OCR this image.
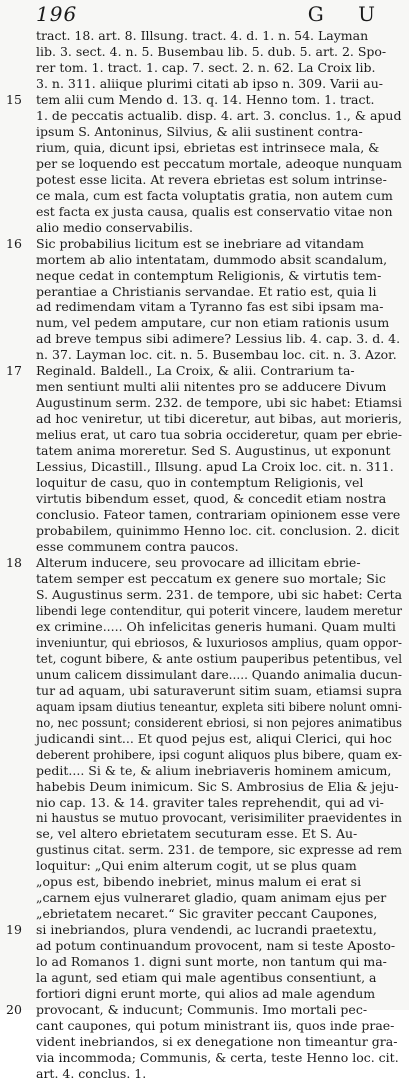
196	G U
tract. 18. art. 8. Illsung. tract. 4. d. 1. n. 54. Layman
lib. 3. sect. 4. n. 5. Busembau lib. 5. dub. 5. art. 2. Spo-
rer tom. 1. tract. 1. cap. 7. sect. 2. n. 62. La Croix lib.
3. n. 311. aliique plurimi citati ab ipso n. 309. Varii au-
15	tem alii cum Mendo d. 13. q. 14. Henno tom. 1. tract.
1. de peccatis actualib. disp. 4. art. 3. conclus. 1., & apud
ipsum S. Antoninus, Silvius, & alii sustinent contra-
rium, quia, dicunt ipsi, ebrietas est intrinsece mala, &
per se loquendo est peccatum mortale, adeoque nunquam
potest esse licita. At revera ebrietas est solum intrinse-
ce mala, cum est facta voluptatis gratia, non autem cum
est facta ex justa causa, qualis est conservatio vitae non
alio medio conservabilis.
16	Sic probabilius licitum est se inebriare ad vitandam
mortem ab alio intentatam, dummodo absit scandalum,
neque cedat in contemptum Religionis, & virtutis tem-
perantiae a Christianis servandae. Et ratio est, quia li
ad redimendam vitam a Tyranno fas est sibi ipsam ma-
num, vel pedem amputare, cur non etiam rationis usum
ad breve tempus sibi adimere? Lessius lib. 4. cap. 3. d. 4.
n. 37. Layman loc. cit. n. 5. Busembau loc. cit. n. 3. Azor.
17	Reginald. Baldell., La Croix, & alii. Contrarium ta-
men sentiunt multi alii nitentes pro se adducere Divum
Augustinum serm. 232. de tempore, ubi sic habet: Etiamsi
ad hoc veniretur, ut tibi diceretur, aut bibas, aut morieris,
melius erat, ut caro tua sobria occideretur, quam per ebrie-
tatem anima moreretur. Sed S. Augustinus, ut exponunt
Lessius, Dicastill., Illsung. apud La Croix loc. cit. n. 311.
loquitur de casu, quo in contemptum Religionis, vel
virtutis bibendum esset, quod, & concedit etiam nostra
conclusio. Fateor tamen, contrariam opinionem esse vere
probabilem, quinimmo Henno loc. cit. conclusion. 2. dicit
esse communem contra paucos.
18	Alterum inducere, seu provocare ad illicitam ebrie-
tatem semper est peccatum ex genere suo mortale; Sic
S. Augustinus serm. 231. de tempore, ubi sic habet: Certa
libendi lege contenditur, qui poterit vincere, laudem meretur
ex crimine..... Oh infelicitas generis humani. Quam multi
inveniuntur, qui ebriosos, & luxuriosos amplius, quam oppor-
tet, cogunt bibere, & ante ostium pauperibus petentibus, vel
unum calicem dissimulant dare..... Quando animalia ducun-
tur ad aquam, ubi saturaverunt sitim suam, etiamsi supra
aquam ipsam diutius teneantur, expleta siti bibere nolunt omni-
no, nec possunt; considerent ebriosi, si non pejores animatibus
judicandi sint... Et quod pejus est, aliqui Clerici, qui hoc
deberent prohibere, ipsi cogunt aliquos plus bibere, quam ex-
pedit.... Si & te, & alium inebriaveris hominem amicum,
habebis Deum inimicum. Sic S. Ambrosius de Elia & jeju-
nio cap. 13. & 14. graviter tales reprehendit, qui ad vi-
ni haustus se mutuo provocant, verisimiliter praevidentes in
se, vel altero ebrietatem secuturam esse. Et S. Au-
gustinus citat. serm. 231. de tempore, sic expresse ad rem
loquitur: „Qui enim alterum cogit, ut se plus quam
„opus est, bibendo inebriet, minus malum ei erat si
„carnem ejus vulneraret gladio, quam animam ejus per
„ebrietatem necaret.“ Sic graviter peccant Caupones,
19	si inebriandos, plura vendendi, ac lucrandi praetextu,
ad potum continuandum provocent, nam si teste Aposto-
lo ad Romanos 1. digni sunt morte, non tantum qui ma-
la agunt, sed etiam qui male agentibus consentiunt, a
fortiori digni erunt morte, qui alios ad male agendum
20	provocant, & inducunt; Communis. Imo mortali pec-
cant caupones, qui potum ministrant iis, quos inde prae-
vident inebriandos, si ex denegatione non timeantur gra-
via incommoda; Communis, & certa, teste Henno loc. cit.
art. 4. conclus. 1.
